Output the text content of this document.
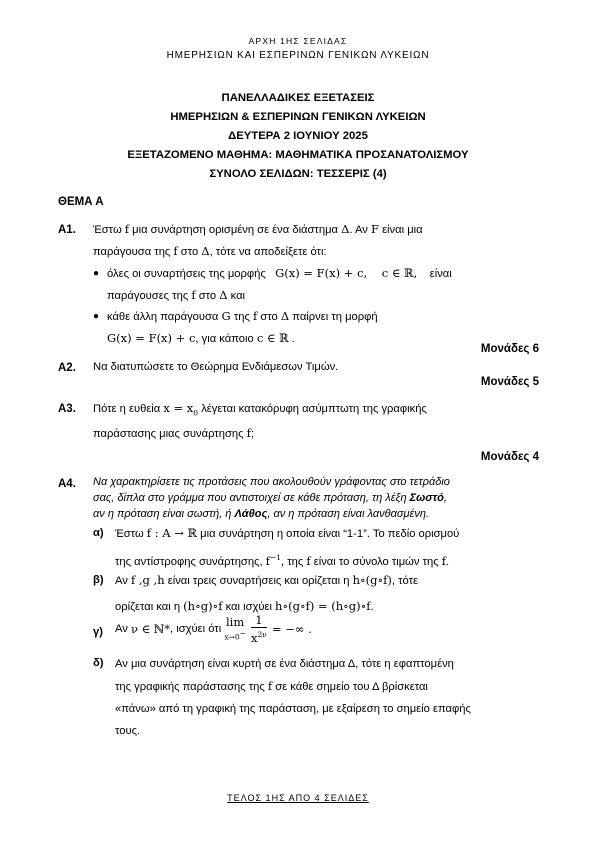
ΑΡΧΗ 1ΗΣ ΣΕΛΙΔΑΣ
ΗΜΕΡΗΣΙΩΝ ΚΑΙ ΕΣΠΕΡΙΝΩΝ ΓΕΝΙΚΩΝ ΛΥΚΕΙΩΝ
ΠΑΝΕΛΛΑΔΙΚΕΣ ΕΞΕΤΑΣΕΙΣ
ΗΜΕΡΗΣΙΩΝ & ΕΣΠΕΡΙΝΩΝ ΓΕΝΙΚΩΝ ΛΥΚΕΙΩΝ
ΔΕΥΤΕΡΑ 2 ΙΟΥΝΙΟΥ 2025
ΕΞΕΤΑΖΟΜΕΝΟ ΜΑΘΗΜΑ: ΜΑΘΗΜΑΤΙΚΑ ΠΡΟΣΑΝΑΤΟΛΙΣΜΟΥ
ΣΥΝΟΛΟ ΣΕΛΙΔΩΝ: ΤΕΣΣΕΡΙΣ (4)
ΘΕΜΑ Α
Α1. Έστω f μια συνάρτηση ορισμένη σε ένα διάστημα Δ. Αν F είναι μια
παράγουσα της f στο Δ, τότε να αποδείξετε ότι:
● όλες οι συναρτήσεις της μορφής G(x) = F(x) + c,    c ∈ ℝ, είναι
παράγουσες της f στο Δ και
● κάθε άλλη παράγουσα G της f στο Δ παίρνει τη μορφή
G(x) = F(x) + c, για κάποιο c ∈ ℝ .
Μονάδες 6
Α2. Να διατυπώσετε το Θεώρημα Ενδιάμεσων Τιμών.
Μονάδες 5
Α3. Πότε η ευθεία $x = x_0$ λέγεται κατακόρυφη ασύμπτωτη της γραφικής
παράστασης μιας συνάρτησης f;
Μονάδες 4
Α4. Να χαρακτηρίσετε τις προτάσεις που ακολουθούν γράφοντας στο τετράδιο
σας, δίπλα στο γράμμα που αντιστοιχεί σε κάθε πρόταση, τη λέξη Σωστό,
αν η πρόταση είναι σωστή, ή Λάθος, αν η πρόταση είναι λανθασμένη.
α) Έστω f : A → ℝ μια συνάρτηση η οποία είναι “1-1”. Το πεδίο ορισμού
της αντίστροφης συνάρτησης, $f^{-1}$, της f είναι το σύνολο τιμών της f.
β) Αν f ,g ,h είναι τρεις συναρτήσεις και ορίζεται η h∘(g∘f), τότε
ορίζεται και η (h∘g)∘f και ισχύει h∘(g∘f) = (h∘g)∘f.
γ) Αν ν ∈ ℕ*, ισχύει ότι lim
x→0−
$\frac{1}{x^{2\nu}}$ = −∞ .
δ) Αν μια συνάρτηση είναι κυρτή σε ένα διάστημα Δ, τότε η εφαπτομένη
της γραφικής παράστασης της f σε κάθε σημείο του Δ βρίσκεται
«πάνω» από τη γραφική της παράσταση, με εξαίρεση το σημείο επαφής
τους.
ΤΕΛΟΣ 1ΗΣ ΑΠΟ 4 ΣΕΛΙΔΕΣ
